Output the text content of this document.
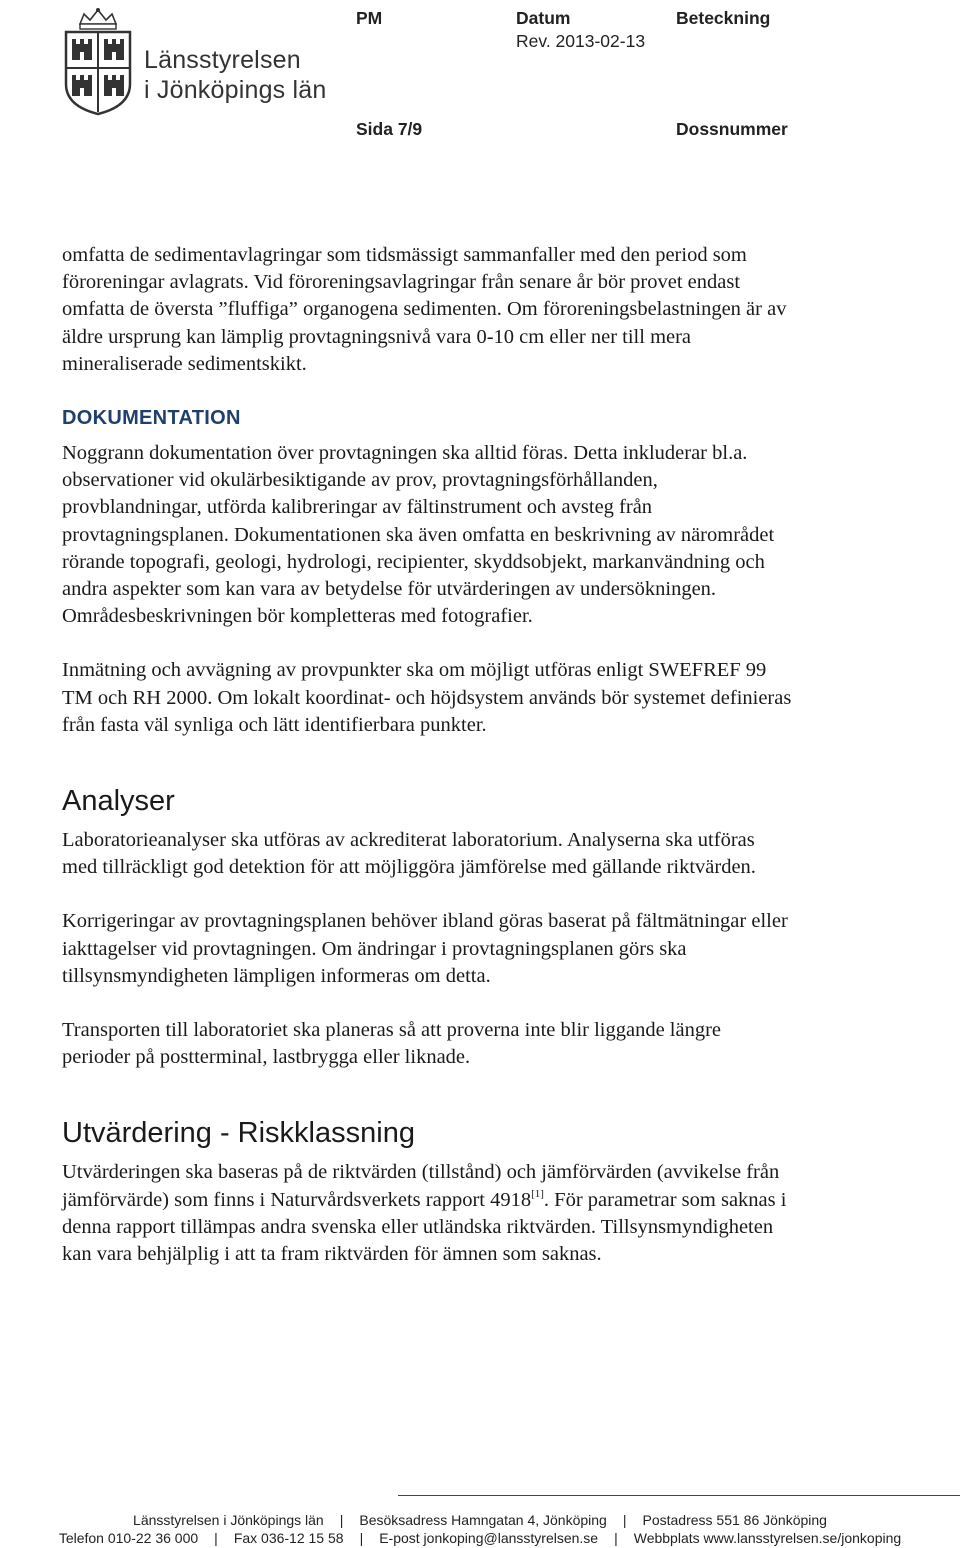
Länsstyrelsen
i Jönköpings län
PM	Datum	Beteckning
Rev. 2013-02-13
Sida 7/9	Dossnummer

omfatta de sedimentavlagringar som tidsmässigt sammanfaller med den period som föroreningar avlagrats. Vid föroreningsavlagringar från senare år bör provet endast omfatta de översta ”fluffiga” organogena sedimenten. Om föroreningsbelastningen är av äldre ursprung kan lämplig provtagningsnivå vara 0-10 cm eller ner till mera mineraliserade sedimentskikt.

DOKUMENTATION

Noggrann dokumentation över provtagningen ska alltid föras. Detta inkluderar bl.a. observationer vid okulärbesiktigande av prov, provtagningsförhållanden, provblandningar, utförda kalibreringar av fältinstrument och avsteg från provtagningsplanen. Dokumentationen ska även omfatta en beskrivning av närområdet rörande topografi, geologi, hydrologi, recipienter, skyddsobjekt, markanvändning och andra aspekter som kan vara av betydelse för utvärderingen av undersökningen. Områdesbeskrivningen bör kompletteras med fotografier.

Inmätning och avvägning av provpunkter ska om möjligt utföras enligt SWEFREF 99 TM och RH 2000. Om lokalt koordinat- och höjdsystem används bör systemet definieras från fasta väl synliga och lätt identifierbara punkter.

Analyser

Laboratorieanalyser ska utföras av ackrediterat laboratorium. Analyserna ska utföras med tillräckligt god detektion för att möjliggöra jämförelse med gällande riktvärden.

Korrigeringar av provtagningsplanen behöver ibland göras baserat på fältmätningar eller iakttagelser vid provtagningen. Om ändringar i provtagningsplanen görs ska tillsynsmyndigheten lämpligen informeras om detta.

Transporten till laboratoriet ska planeras så att proverna inte blir liggande längre perioder på postterminal, lastbrygga eller liknade.

Utvärdering - Riskklassning

Utvärderingen ska baseras på de riktvärden (tillstånd) och jämförvärden (avvikelse från jämförvärde) som finns i Naturvårdsverkets rapport 4918[1]. För parametrar som saknas i denna rapport tillämpas andra svenska eller utländska riktvärden. Tillsynsmyndigheten kan vara behjälplig i att ta fram riktvärden för ämnen som saknas.

Länsstyrelsen i Jönköpings län | Besöksadress Hamngatan 4, Jönköping | Postadress 551 86 Jönköping
Telefon 010-22 36 000 | Fax 036-12 15 58 | E-post jonkoping@lansstyrelsen.se | Webbplats www.lansstyrelsen.se/jonkoping
